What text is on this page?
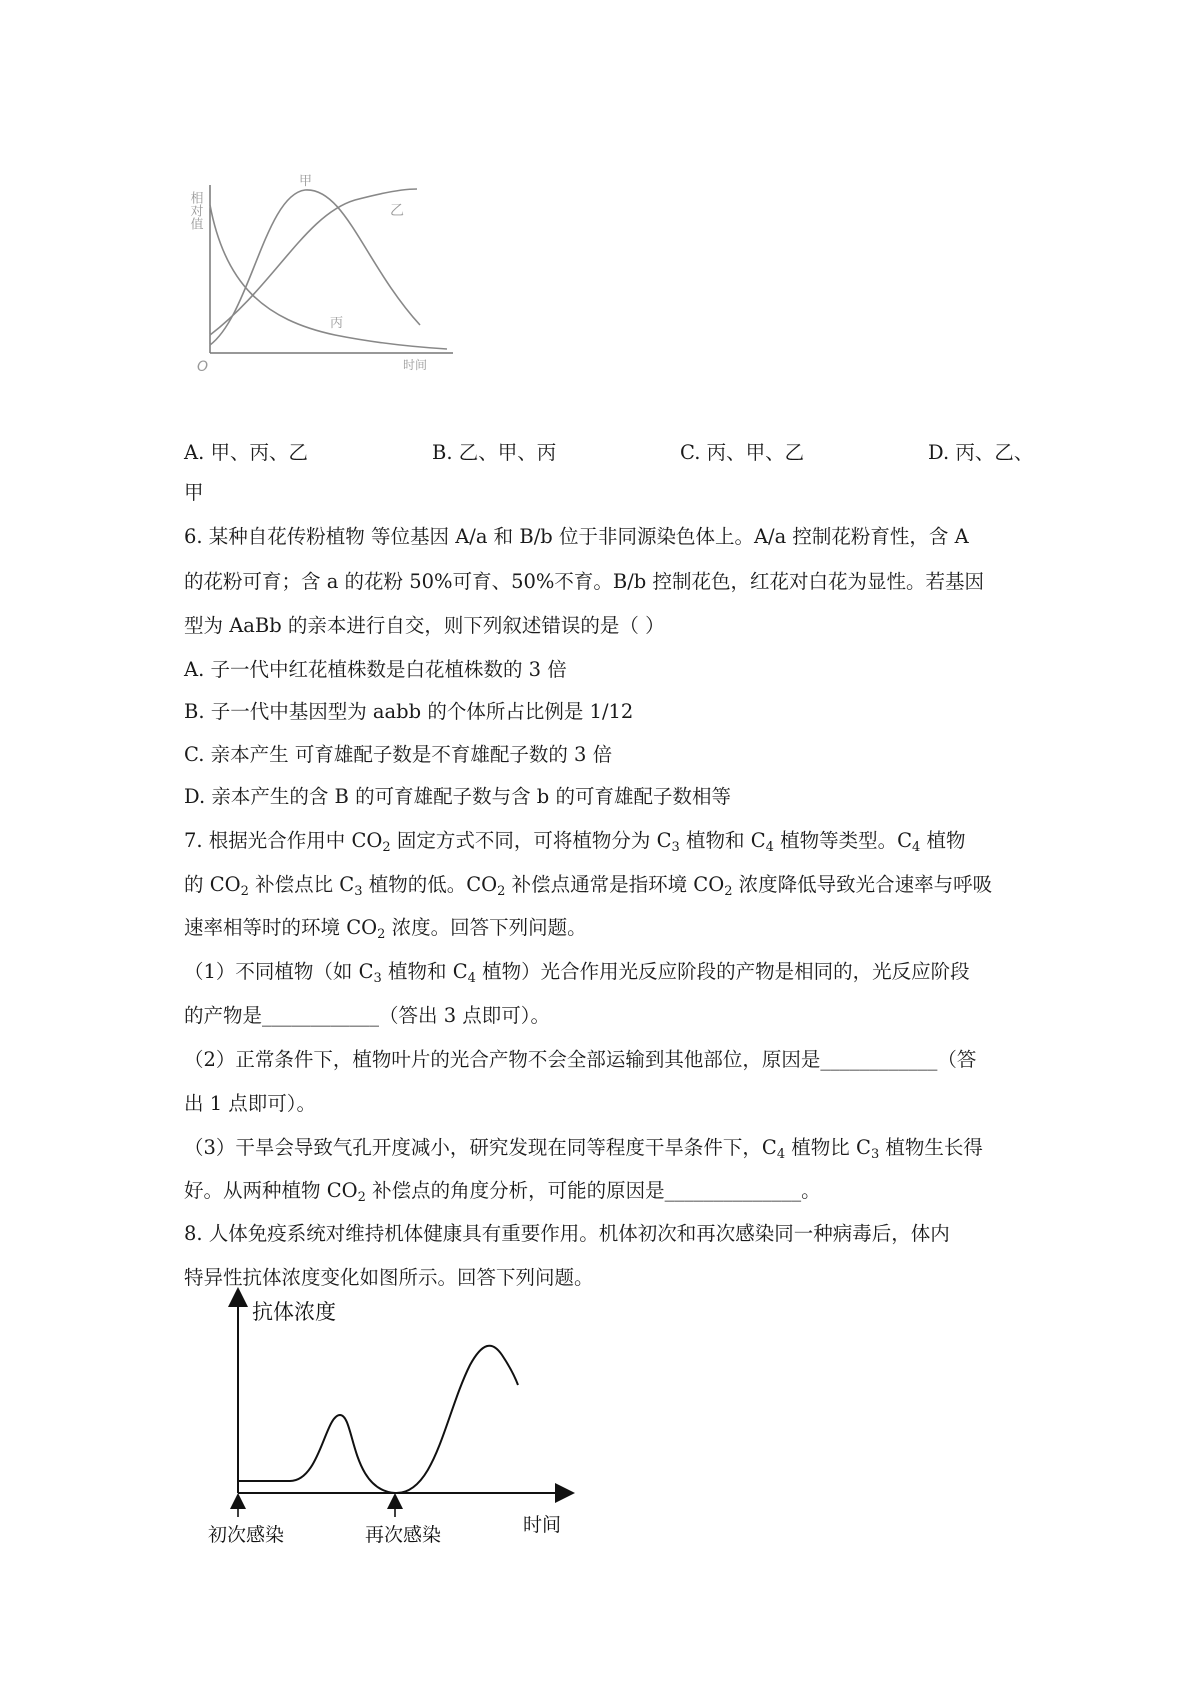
相对值
甲
乙
丙
O	时间
A. 甲、丙、乙	B. 乙、甲、丙	C. 丙、甲、乙	D. 丙、乙、
甲
6. 某种自花传粉植物 等位基因 A/a 和 B/b 位于非同源染色体上。A/a 控制花粉育性，含 A
的花粉可育；含 a 的花粉 50%可育、50%不育。B/b 控制花色，红花对白花为显性。若基因
型为 AaBb 的亲本进行自交，则下列叙述错误的是（ ）
A. 子一代中红花植株数是白花植株数的 3 倍
B. 子一代中基因型为 aabb 的个体所占比例是 1/12
C. 亲本产生 可育雄配子数是不育雄配子数的 3 倍
D. 亲本产生的含 B 的可育雄配子数与含 b 的可育雄配子数相等
7. 根据光合作用中 $CO_2$ 固定方式不同，可将植物分为 $C_3$ 植物和 $C_4$ 植物等类型。$C_4$ 植物
的 $CO_2$ 补偿点比 $C_3$ 植物的低。$CO_2$ 补偿点通常是指环境 $CO_2$ 浓度降低导致光合速率与呼吸
速率相等时的环境 $CO_2$ 浓度。回答下列问题。
（1）不同植物（如 $C_3$ 植物和 $C_4$ 植物）光合作用光反应阶段的产物是相同的，光反应阶段
的产物是____________（答出 3 点即可）。
（2）正常条件下，植物叶片的光合产物不会全部运输到其他部位，原因是____________（答
出 1 点即可）。
（3）干旱会导致气孔开度减小，研究发现在同等程度干旱条件下，$C_4$ 植物比 $C_3$ 植物生长得
好。从两种植物 $CO_2$ 补偿点的角度分析，可能的原因是______________。
8. 人体免疫系统对维持机体健康具有重要作用。机体初次和再次感染同一种病毒后，体内
特异性抗体浓度变化如图所示。回答下列问题。
抗体浓度
初次感染	再次感染	时间
